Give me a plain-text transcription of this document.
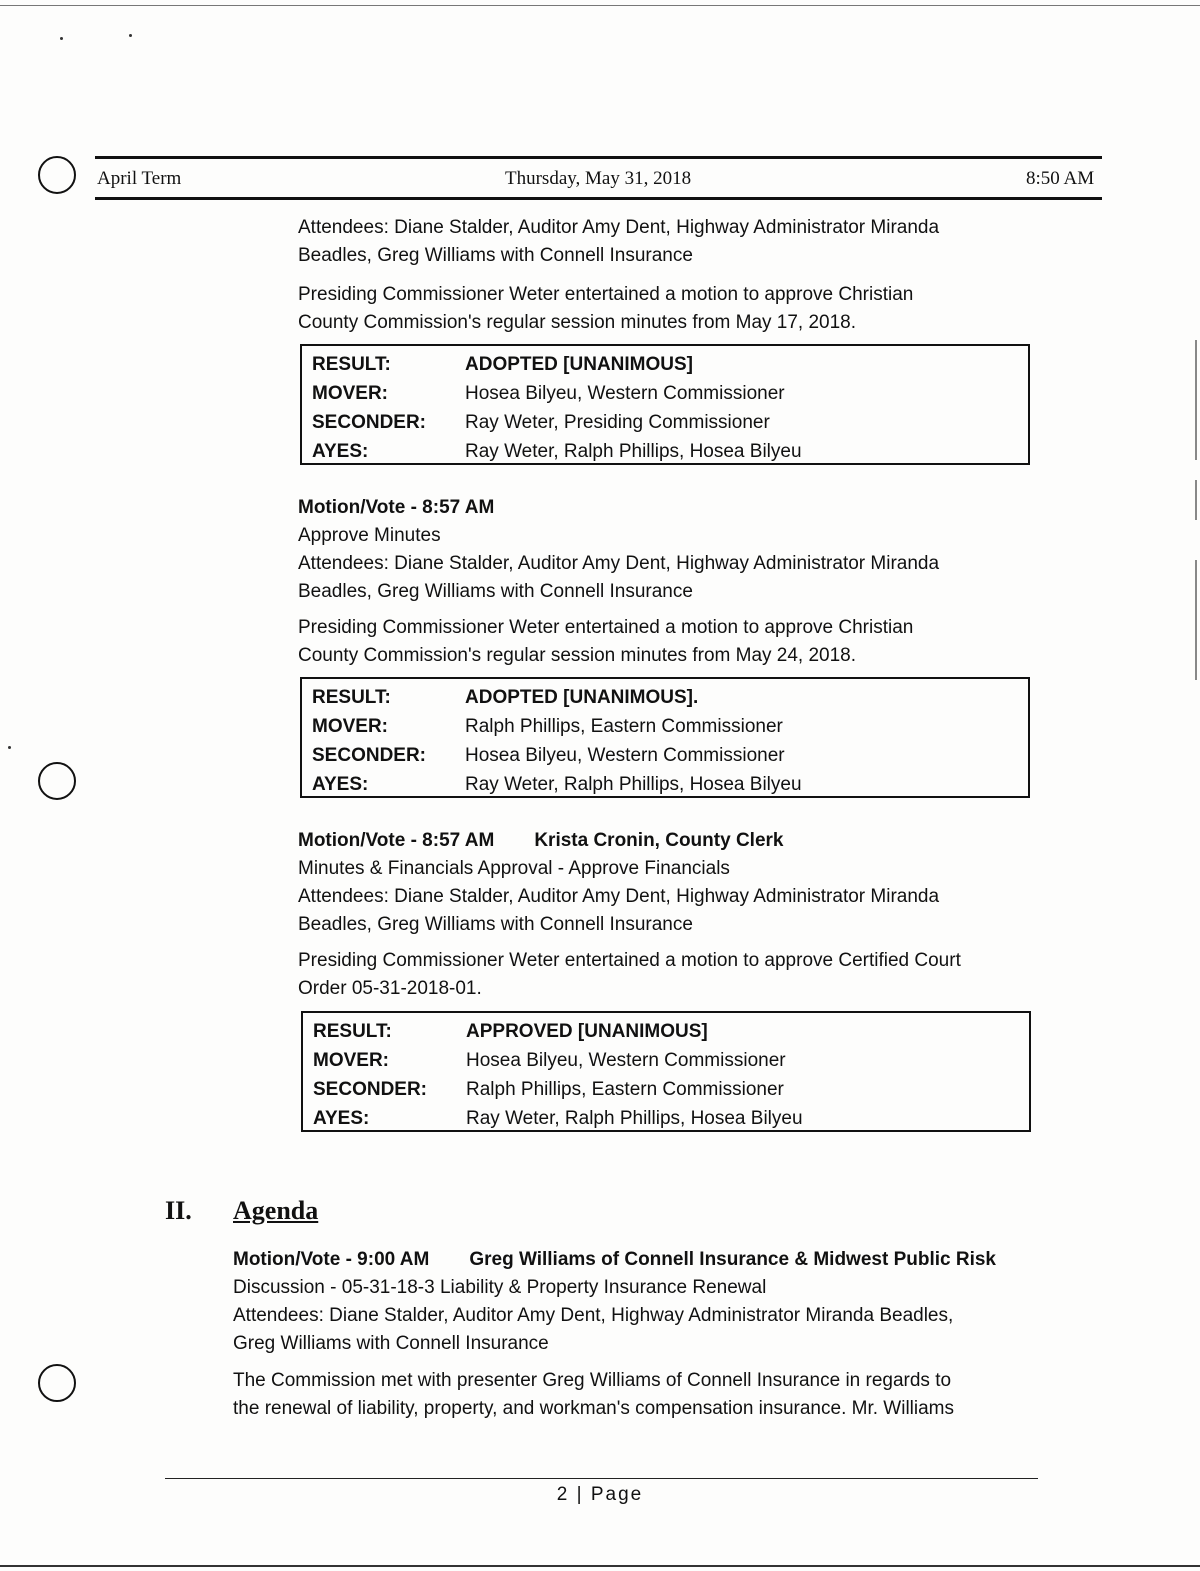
April Term	Thursday, May 31, 2018	8:50 AM

Attendees: Diane Stalder, Auditor Amy Dent, Highway Administrator Miranda

Beadles, Greg Williams with Connell Insurance

Presiding Commissioner Weter entertained a motion to approve Christian

County Commission's regular session minutes from May 17, 2018.

RESULT:	ADOPTED [UNANIMOUS]
MOVER:	Hosea Bilyeu, Western Commissioner
SECONDER:	Ray Weter, Presiding Commissioner
AYES:	Ray Weter, Ralph Phillips, Hosea Bilyeu

Motion/Vote - 8:57 AM

Approve Minutes

Attendees: Diane Stalder, Auditor Amy Dent, Highway Administrator Miranda

Beadles, Greg Williams with Connell Insurance

Presiding Commissioner Weter entertained a motion to approve Christian

County Commission's regular session minutes from May 24, 2018.

RESULT:	ADOPTED [UNANIMOUS].
MOVER:	Ralph Phillips, Eastern Commissioner
SECONDER:	Hosea Bilyeu, Western Commissioner
AYES:	Ray Weter, Ralph Phillips, Hosea Bilyeu

Motion/Vote - 8:57 AM Krista Cronin, County Clerk

Minutes & Financials Approval - Approve Financials

Attendees: Diane Stalder, Auditor Amy Dent, Highway Administrator Miranda

Beadles, Greg Williams with Connell Insurance

Presiding Commissioner Weter entertained a motion to approve Certified Court

Order 05-31-2018-01.

RESULT:	APPROVED [UNANIMOUS]
MOVER:	Hosea Bilyeu, Western Commissioner
SECONDER:	Ralph Phillips, Eastern Commissioner
AYES:	Ray Weter, Ralph Phillips, Hosea Bilyeu
II. Agenda

Motion/Vote - 9:00 AM Greg Williams of Connell Insurance & Midwest Public Risk

Discussion - 05-31-18-3 Liability & Property Insurance Renewal

Attendees: Diane Stalder, Auditor Amy Dent, Highway Administrator Miranda Beadles,

Greg Williams with Connell Insurance

The Commission met with presenter Greg Williams of Connell Insurance in regards to

the renewal of liability, property, and workman's compensation insurance. Mr. Williams

2 | Page
